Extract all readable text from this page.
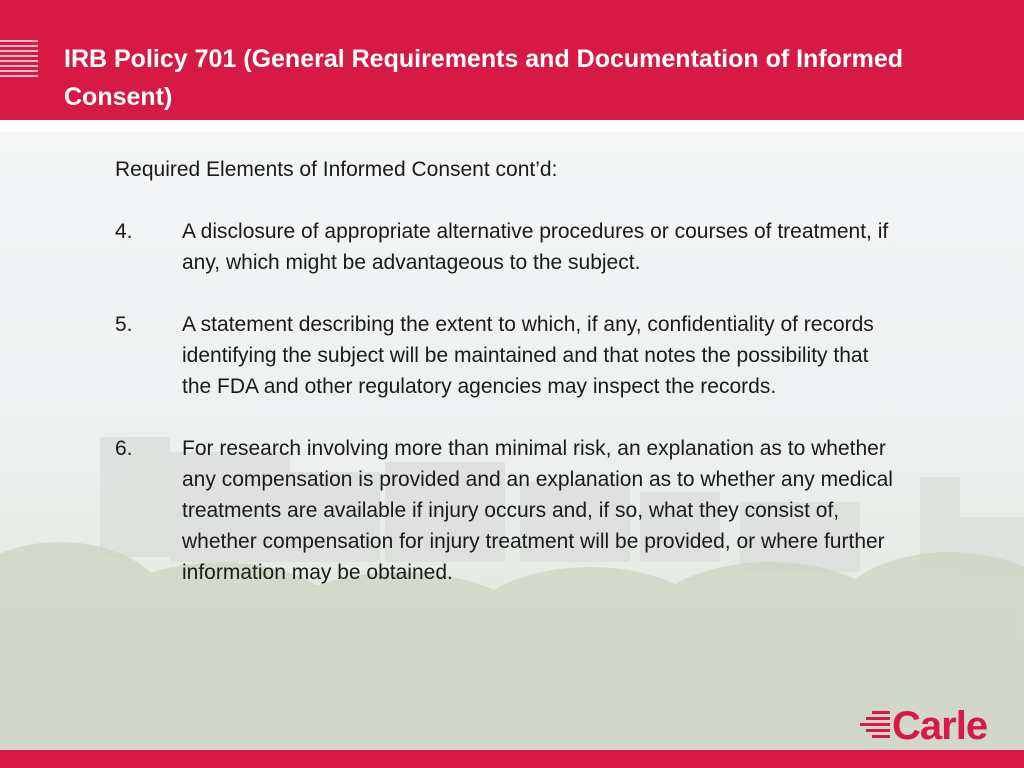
IRB Policy 701 (General Requirements and Documentation of Informed Consent)

Required Elements of Informed Consent cont’d:

4.	A disclosure of appropriate alternative procedures or courses of treatment, if any, which might be advantageous to the subject.
5.	A statement describing the extent to which, if any, confidentiality of records identifying the subject will be maintained and that notes the possibility that the FDA and other regulatory agencies may inspect the records.
6.	For research involving more than minimal risk, an explanation as to whether any compensation is provided and an explanation as to whether any medical treatments are available if injury occurs and, if so, what they consist of, whether compensation for injury treatment will be provided, or where further information may be obtained.
Carle
